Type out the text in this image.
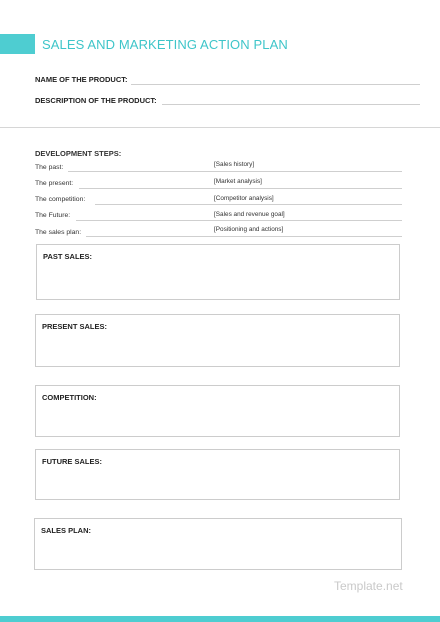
SALES AND MARKETING ACTION PLAN
NAME OF THE PRODUCT:
DESCRIPTION OF THE PRODUCT:
DEVELOPMENT STEPS:
The past:	[Sales history]
The present:	[Market analysis]
The competition:	[Competitor analysis]
The Future:	[Sales and revenue goal]
The sales plan:	[Positioning and actions]
PAST SALES:
PRESENT SALES:
COMPETITION:
FUTURE SALES:
SALES PLAN:
Template.net
